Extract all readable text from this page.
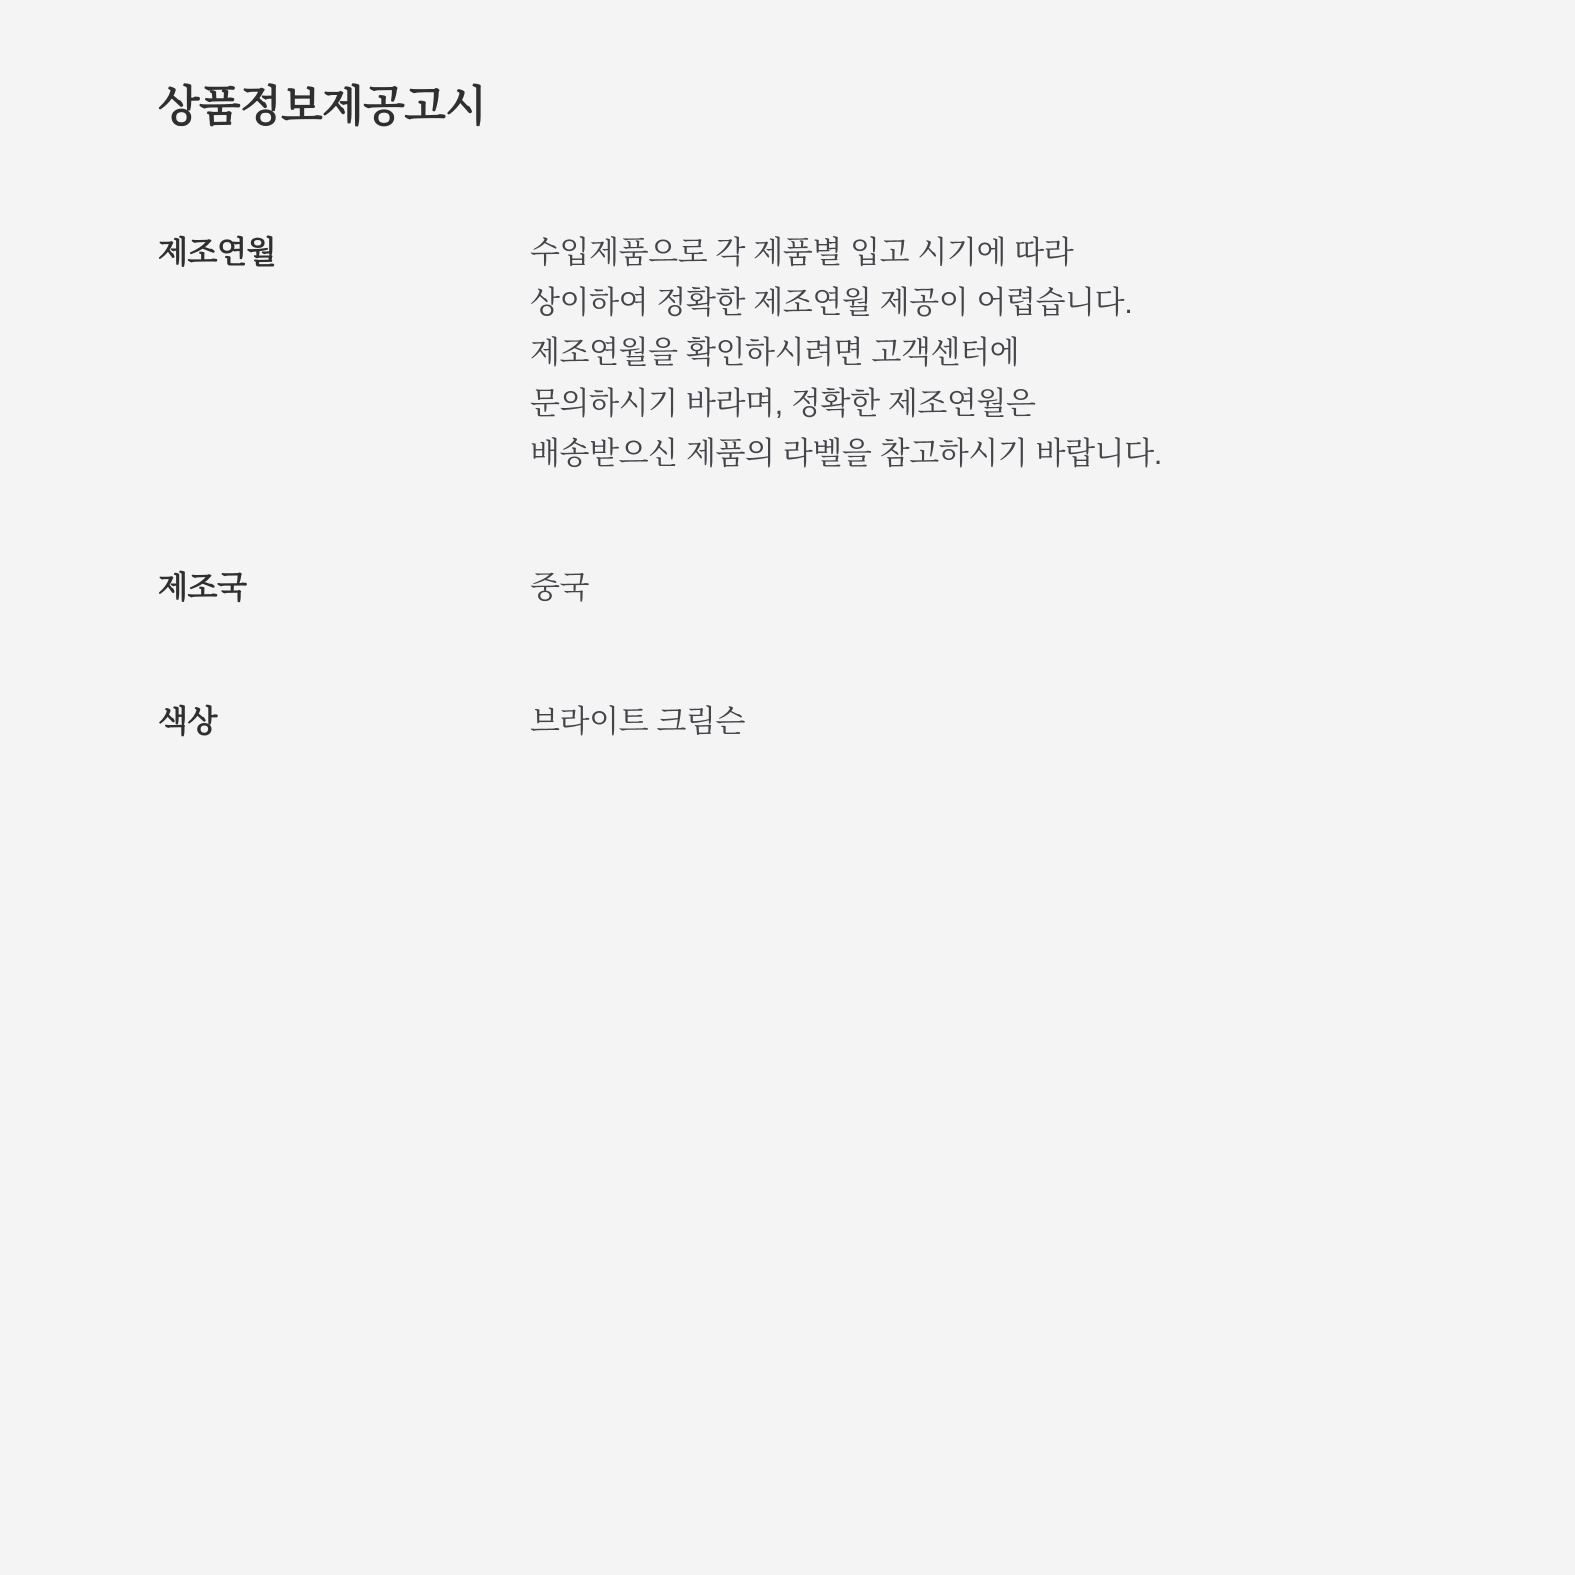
상품정보제공고시
제조연월	수입제품으로 각 제품별 입고 시기에 따라
상이하여 정확한 제조연월 제공이 어렵습니다.
제조연월을 확인하시려면 고객센터에
문의하시기 바라며, 정확한 제조연월은
배송받으신 제품의 라벨을 참고하시기 바랍니다.
제조국	중국
색상	브라이트 크림슨
